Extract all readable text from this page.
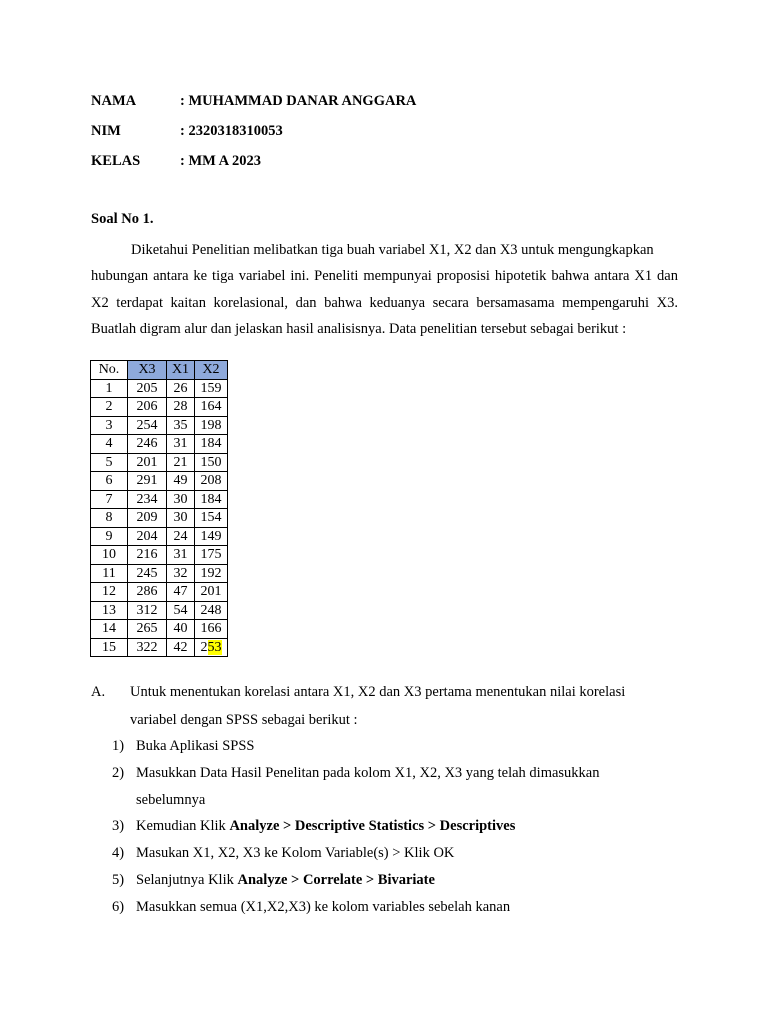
NAMA	: MUHAMMAD DANAR ANGGARA
NIM	: 2320318310053
KELAS	: MM A 2023
Soal No 1.
Diketahui Penelitian melibatkan tiga buah variabel X1, X2 dan X3 untuk mengungkapkan
hubungan antara ke tiga variabel ini. Peneliti mempunyai proposisi hipotetik bahwa antara X1 dan
X2 terdapat kaitan korelasional, dan bahwa keduanya secara bersamasama mempengaruhi X3.
Buatlah digram alur dan jelaskan hasil analisisnya. Data penelitian tersebut sebagai berikut :
No.	X3	X1	X2
1	205	26	159
2	206	28	164
3	254	35	198
4	246	31	184
5	201	21	150
6	291	49	208
7	234	30	184
8	209	30	154
9	204	24	149
10	216	31	175
11	245	32	192
12	286	47	201
13	312	54	248
14	265	40	166
15	322	42	253
A. Untuk menentukan korelasi antara X1, X2 dan X3 pertama menentukan nilai korelasi
variabel dengan SPSS sebagai berikut :
1) Buka Aplikasi SPSS
2) Masukkan Data Hasil Penelitan pada kolom X1, X2, X3 yang telah dimasukkan
sebelumnya
3) Kemudian Klik Analyze > Descriptive Statistics > Descriptives
4) Masukan X1, X2, X3 ke Kolom Variable(s) > Klik OK
5) Selanjutnya Klik Analyze > Correlate > Bivariate
6) Masukkan semua (X1,X2,X3) ke kolom variables sebelah kanan
